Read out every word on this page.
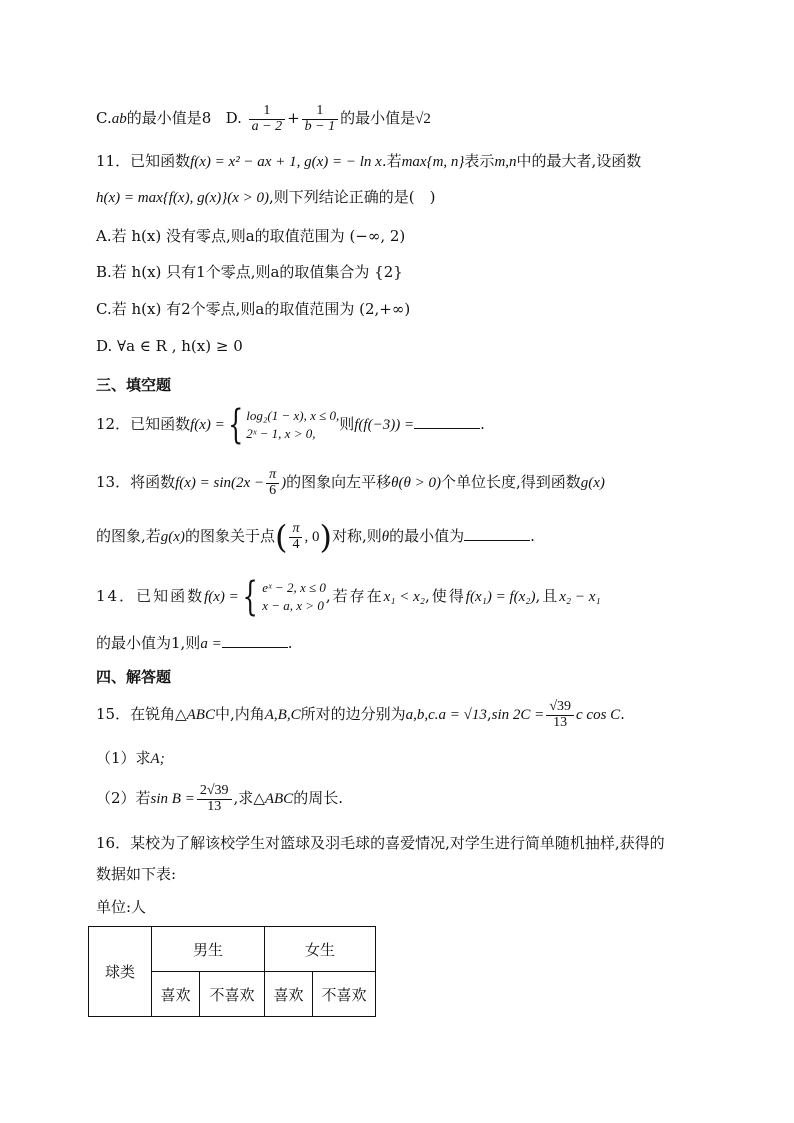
C.ab的最小值是8 D. $\frac{1}{a - 2} + \frac{1}{b - 1}$ 的最小值是√2
11．已知函数f(x) = x² − ax + 1, g(x) = − ln x.若max{m, n}表示m,n中的最大者,设函数
h(x) = max{f(x), g(x)}(x > 0),则下列结论正确的是(　)
A.若 h(x) 没有零点,则a的取值范围为 (−∞, 2)
B.若 h(x) 只有1个零点,则a的取值集合为 {2}
C.若 h(x) 有2个零点,则a的取值范围为 (2,+∞)
D. ∀a ∈ R , h(x) ≥ 0
三、填空题
12．已知函数f(x) ={ log₂(1 − x), x ≤ 0,
2ˣ − 1, x > 0,
则f(f(−3)) =	.
13．将函数$f(x) = \sin(2x - \frac{\pi}{6}$ )的图象向左平移θ(θ > 0)个单位长度,得到函数g(x)
的图象,若g(x)的图象关于点( $\frac{\pi}{4}$ , 0)对称,则θ的最小值为	.
14．已知函数f(x) ={ eˣ − 2, x ≤ 0
x − a, x > 0
,若存在x₁ < x₂,使得f(x₁) = f(x₂),且x₂ − x₁
的最小值为1,则a =	.
四、解答题
15．在锐角△ABC中,内角A,B,C所对的边分别为a,b,c.a = √13,sin $2C = \frac{√39}{13}$ c cos C.
（1）求A;
（2）若$\sin B = \frac{2√39}{13}$ ,求△ABC的周长.
16．某校为了解该校学生对篮球及羽毛球的喜爱情况,对学生进行简单随机抽样,获得的
数据如下表:
单位:人
球类	男生		女生	
	喜欢	不喜欢	喜欢	不喜欢
